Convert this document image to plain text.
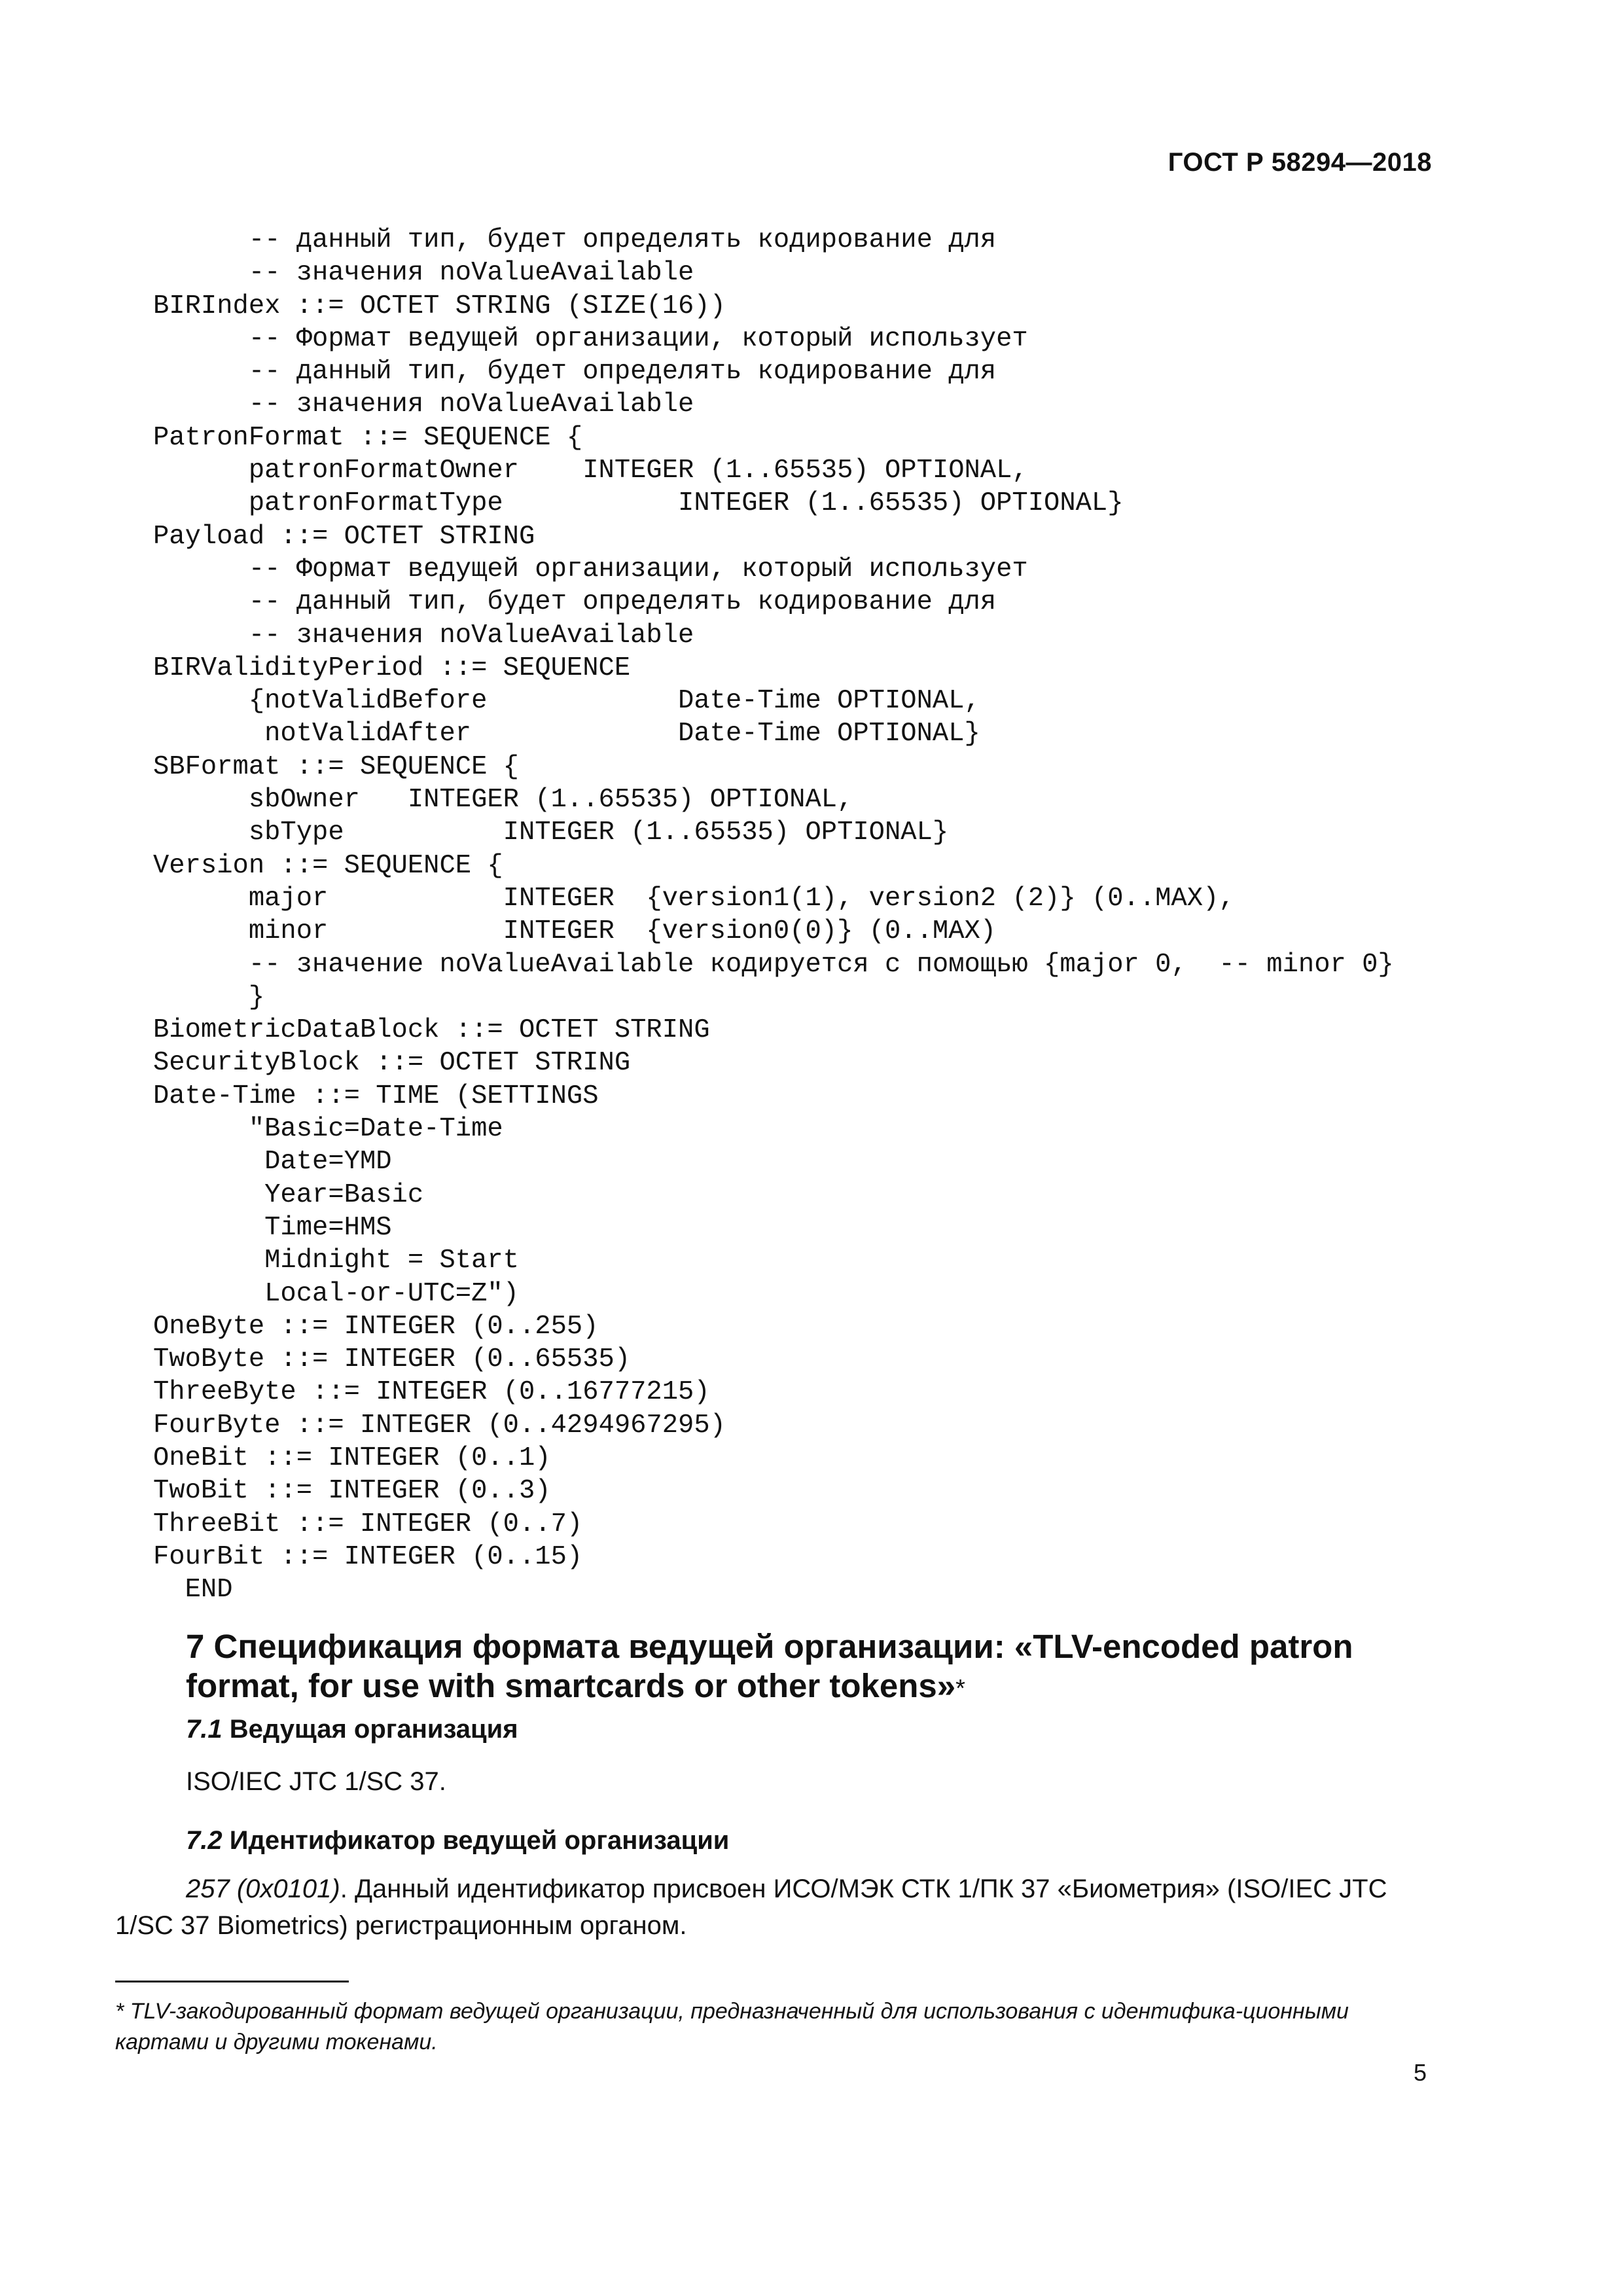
ГОСТ Р 58294—2018
-- данный тип, будет определять кодирование для
-- значения noValueAvailable
BIRIndex ::= OCTET STRING (SIZE(16))
-- Формат ведущей организации, который использует
-- данный тип, будет определять кодирование для
-- значения noValueAvailable
PatronFormat ::= SEQUENCE {
patronFormatOwner    INTEGER (1..65535) OPTIONAL,
patronFormatType           INTEGER (1..65535) OPTIONAL}
Payload ::= OCTET STRING
-- Формат ведущей организации, который использует
-- данный тип, будет определять кодирование для
-- значения noValueAvailable
BIRValidityPeriod ::= SEQUENCE
{notValidBefore            Date-Time OPTIONAL,
notValidAfter             Date-Time OPTIONAL}
SBFormat ::= SEQUENCE {
sbOwner   INTEGER (1..65535) OPTIONAL,
sbType          INTEGER (1..65535) OPTIONAL}
Version ::= SEQUENCE {
major           INTEGER  {version1(1), version2 (2)} (0..MAX),
minor           INTEGER  {version0(0)} (0..MAX)
-- значение noValueAvailable кодируется с помощью {major 0,  -- minor 0}
}
BiometricDataBlock ::= OCTET STRING
SecurityBlock ::= OCTET STRING
Date-Time ::= TIME (SETTINGS
"Basic=Date-Time
Date=YMD
Year=Basic
Time=HMS
Midnight = Start
Local-or-UTC=Z")
OneByte ::= INTEGER (0..255)
TwoByte ::= INTEGER (0..65535)
ThreeByte ::= INTEGER (0..16777215)
FourByte ::= INTEGER (0..4294967295)
OneBit ::= INTEGER (0..1)
TwoBit ::= INTEGER (0..3)
ThreeBit ::= INTEGER (0..7)
FourBit ::= INTEGER (0..15)
END
7 Спецификация формата ведущей организации: «TLV-encoded patron format, for use with smartcards or other tokens»*
7.1 Ведущая организация
ISO/IEC JTC 1/SC 37.
7.2 Идентификатор ведущей организации
257 (0x0101). Данный идентификатор присвоен ИСО/МЭК СТК 1/ПК 37 «Биометрия» (ISO/IEC JTC 1/SC 37 Biometrics) регистрационным органом.
* TLV-закодированный формат ведущей организации, предназначенный для использования с идентифика-ционными картами и другими токенами.
5
